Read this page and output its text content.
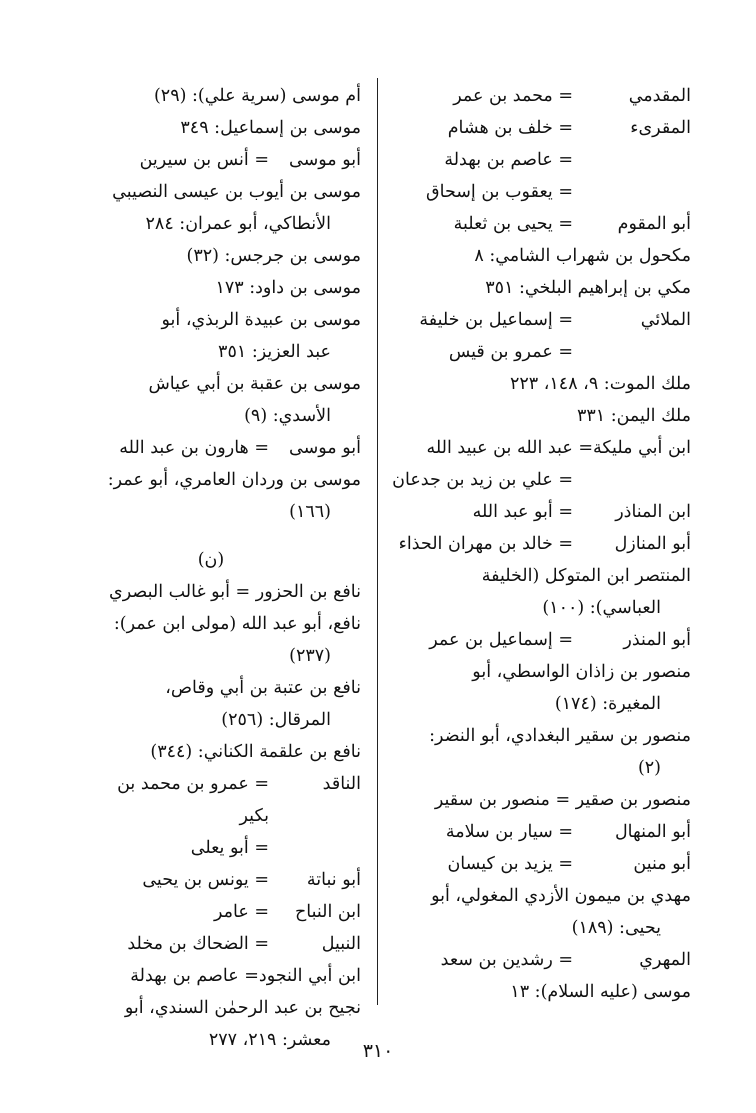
المقدمي= محمد بن عمر
المقرىء= خلف بن هشام
= عاصم بن بهدلة
= يعقوب بن إسحاق
أبو المقوم= يحيى بن ثعلبة
مكحول بن شهراب الشامي: ٨
مكي بن إبراهيم البلخي: ٣٥١
الملائي= إسماعيل بن خليفة
= عمرو بن قيس
ملك الموت: ٩، ١٤٨، ٢٢٣
ملك اليمن: ٣٣١
ابن أبي مليكة= عبد الله بن عبيد الله
= علي بن زيد بن جدعان
ابن المناذر= أبو عبد الله
أبو المنازل= خالد بن مهران الحذاء
المنتصر ابن المتوكل (الخليفة
العباسي): (١٠٠)
أبو المنذر= إسماعيل بن عمر
منصور بن زاذان الواسطي، أبو
المغيرة: (١٧٤)
منصور بن سقير البغدادي، أبو النضر:
(٢)
منصور بن صقير = منصور بن سقير
أبو المنهال= سيار بن سلامة
أبو منين= يزيد بن كيسان
مهدي بن ميمون الأزدي المغولي، أبو
يحيى: (١٨٩)
المهري= رشدين بن سعد
موسى (عليه السلام): ١٣
أم موسى (سرية علي): (٢٩)
موسى بن إسماعيل: ٣٤٩
أبو موسى= أنس بن سيرين
موسى بن أيوب بن عيسى النصيبي
الأنطاكي، أبو عمران: ٢٨٤
موسى بن جرجس: (٣٢)
موسى بن داود: ١٧٣
موسى بن عبيدة الربذي، أبو
عبد العزيز: ٣٥١
موسى بن عقبة بن أبي عياش
الأسدي: (٩)
أبو موسى= هارون بن عبد الله
موسى بن وردان العامري، أبو عمر:
(١٦٦)
(ن)
نافع بن الحزور = أبو غالب البصري
نافع، أبو عبد الله (مولى ابن عمر):
(٢٣٧)
نافع بن عتبة بن أبي وقاص،
المرقال: (٢٥٦)
نافع بن علقمة الكناني: (٣٤٤)
الناقد= عمرو بن محمد بن
بكير
= أبو يعلى
أبو نباتة= يونس بن يحيى
ابن النباح= عامر
النبيل= الضحاك بن مخلد
ابن أبي النجود= عاصم بن بهدلة
نجيح بن عبد الرحمٰن السندي، أبو
معشر: ٢١٩، ٢٧٧	٣١٠
